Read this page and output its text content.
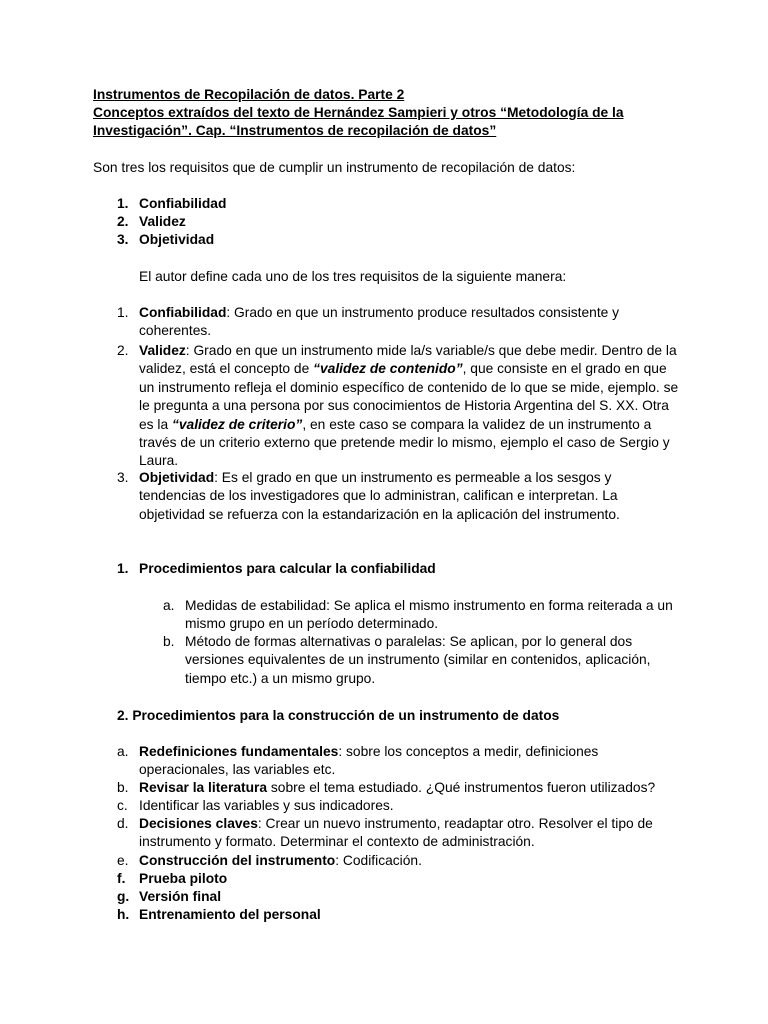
Instrumentos de Recopilación de datos. Parte 2
Conceptos extraídos del texto de Hernández Sampieri y otros “Metodología de la
Investigación”. Cap. “Instrumentos de recopilación de datos”
Son tres los requisitos que de cumplir un instrumento de recopilación de datos:
1. Confiabilidad
2. Validez
3. Objetividad
El autor define cada uno de los tres requisitos de la siguiente manera:
1. Confiabilidad: Grado en que un instrumento produce resultados consistente y coherentes.
2. Validez: Grado en que un instrumento mide la/s variable/s que debe medir. Dentro de la validez, está el concepto de “validez de contenido”, que consiste en el grado en que un instrumento refleja el dominio específico de contenido de lo que se mide, ejemplo. se le pregunta a una persona por sus conocimientos de Historia Argentina del S. XX. Otra es la “validez de criterio”, en este caso se compara la validez de un instrumento a través de un criterio externo que pretende medir lo mismo, ejemplo el caso de Sergio y Laura.
3. Objetividad: Es el grado en que un instrumento es permeable a los sesgos y tendencias de los investigadores que lo administran, califican e interpretan. La objetividad se refuerza con la estandarización en la aplicación del instrumento.
1. Procedimientos para calcular la confiabilidad
a. Medidas de estabilidad: Se aplica el mismo instrumento en forma reiterada a un mismo grupo en un período determinado.
b. Método de formas alternativas o paralelas: Se aplican, por lo general dos versiones equivalentes de un instrumento (similar en contenidos, aplicación, tiempo etc.) a un mismo grupo.
2. Procedimientos para la construcción de un instrumento de datos
a. Redefiniciones fundamentales: sobre los conceptos a medir, definiciones operacionales, las variables etc.
b. Revisar la literatura sobre el tema estudiado. ¿Qué instrumentos fueron utilizados?
c. Identificar las variables y sus indicadores.
d. Decisiones claves: Crear un nuevo instrumento, readaptar otro. Resolver el tipo de instrumento y formato. Determinar el contexto de administración.
e. Construcción del instrumento: Codificación.
f. Prueba piloto
g. Versión final
h. Entrenamiento del personal
